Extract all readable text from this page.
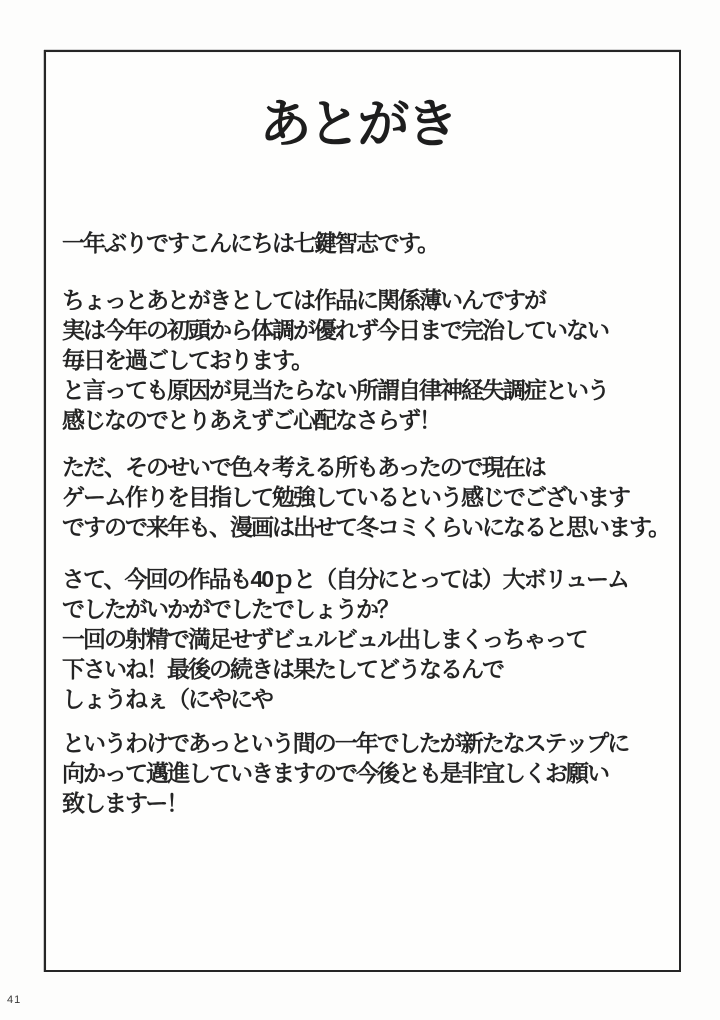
あとがき

一年ぶりですこんにちは七鍵智志です。

ちょっとあとがきとしては作品に関係薄いんですが
実は今年の初頭から体調が優れず今日まで完治していない
毎日を過ごしております。
と言っても原因が見当たらない所謂自律神経失調症という
感じなのでとりあえずご心配なさらず！

ただ、そのせいで色々考える所もあったので現在は
ゲーム作りを目指して勉強しているという感じでございます
ですので来年も、漫画は出せて冬コミくらいになると思います。

さて、今回の作品も40ｐと（自分にとっては）大ボリューム
でしたがいかがでしたでしょうか？
一回の射精で満足せずビュルビュル出しまくっちゃって
下さいね！最後の続きは果たしてどうなるんで
しょうねぇ（にやにや

というわけであっという間の一年でしたが新たなステップに
向かって邁進していきますので今後とも是非宜しくお願い
致しますー！

41
